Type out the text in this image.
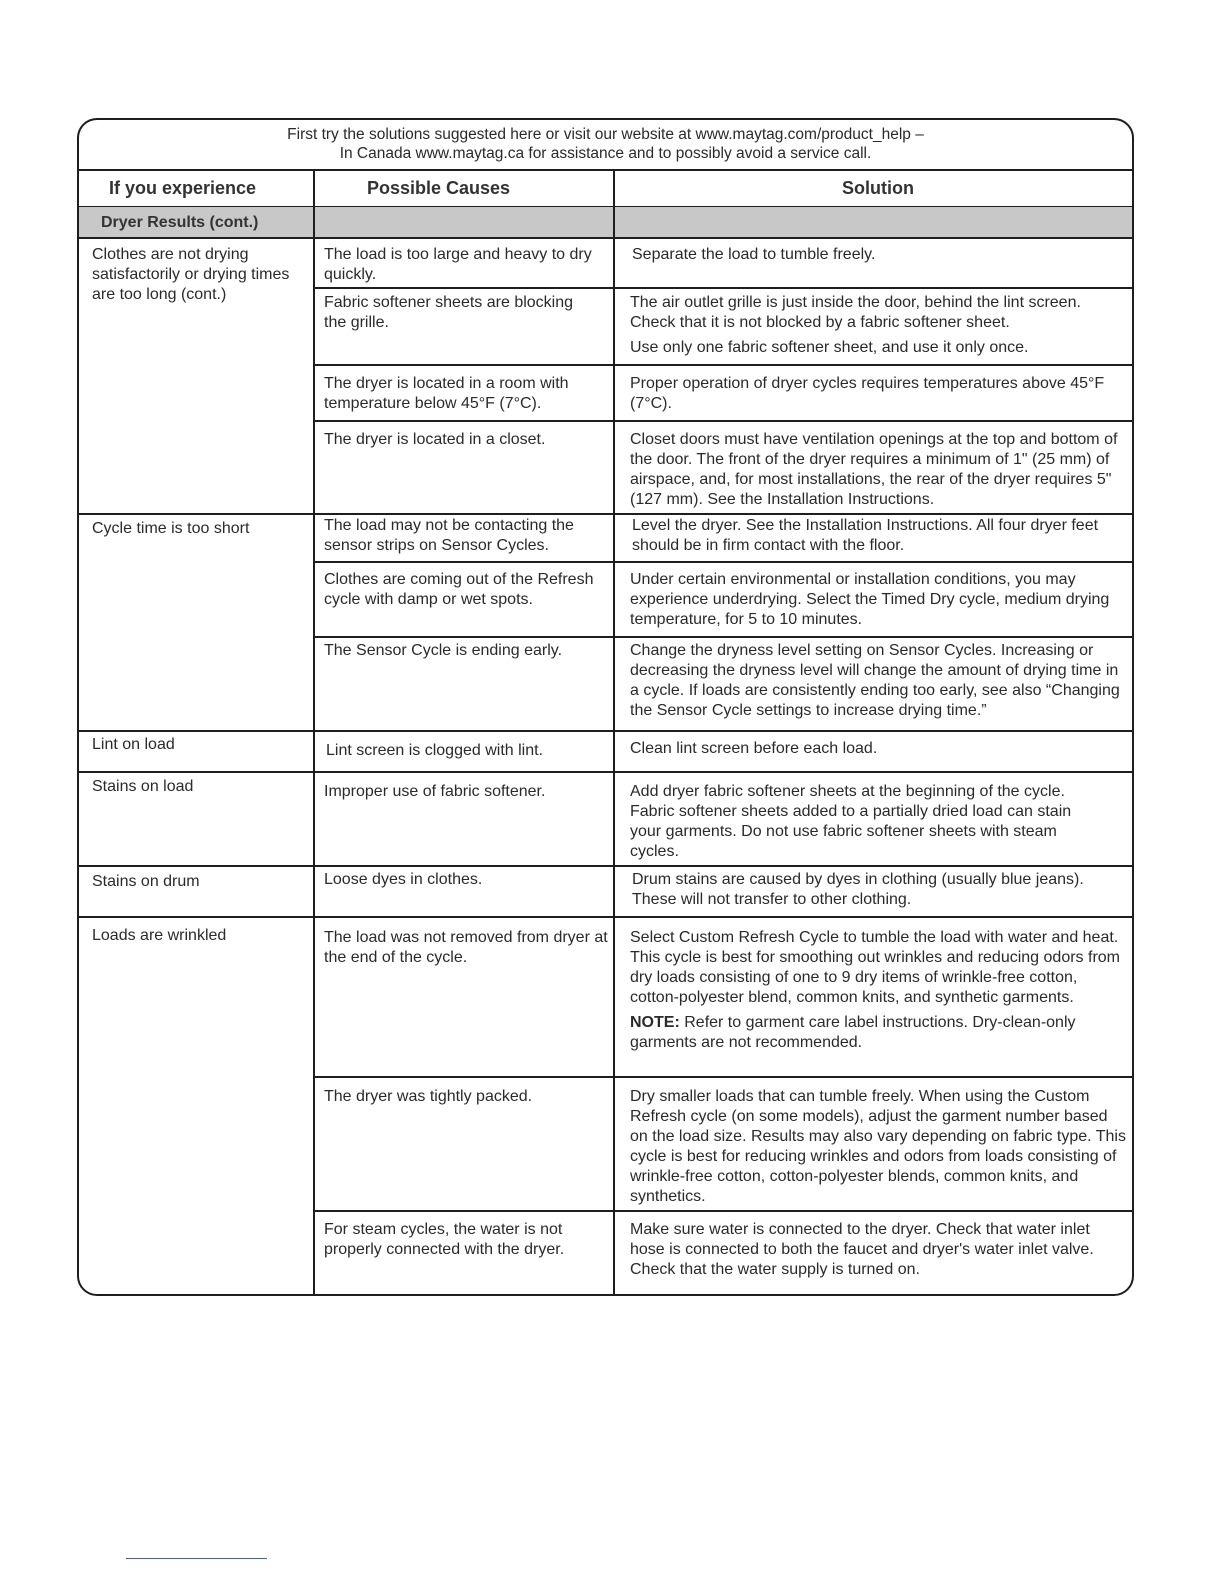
First try the solutions suggested here or visit our website at www.maytag.com/product_help –
In Canada www.maytag.ca for assistance and to possibly avoid a service call.
If you experience	Possible Causes	Solution
Dryer Results (cont.)
Clothes are not drying satisfactorily or drying times are too long (cont.)
Cycle time is too short
Lint on load
Stains on load
Stains on drum
Loads are wrinkled
The load is too large and heavy to dry quickly.
Fabric softener sheets are blocking the grille.
The dryer is located in a room with temperature below 45°F (7°C).
The dryer is located in a closet.
The load may not be contacting the sensor strips on Sensor Cycles.
Clothes are coming out of the Refresh cycle with damp or wet spots.
The Sensor Cycle is ending early.
Lint screen is clogged with lint.
Improper use of fabric softener.
Loose dyes in clothes.
The load was not removed from dryer at the end of the cycle.
The dryer was tightly packed.
For steam cycles, the water is not properly connected with the dryer.
Separate the load to tumble freely.

The air outlet grille is just inside the door, behind the lint screen. Check that it is not blocked by a fabric softener sheet.

Use only one fabric softener sheet, and use it only once.

Proper operation of dryer cycles requires temperatures above 45°F (7°C).
Closet doors must have ventilation openings at the top and bottom of the door. The front of the dryer requires a minimum of 1" (25 mm) of airspace, and, for most installations, the rear of the dryer requires 5" (127 mm). See the Installation Instructions.
Level the dryer. See the Installation Instructions. All four dryer feet should be in firm contact with the floor.
Under certain environmental or installation conditions, you may experience underdrying. Select the Timed Dry cycle, medium drying temperature, for 5 to 10 minutes.
Change the dryness level setting on Sensor Cycles. Increasing or decreasing the dryness level will change the amount of drying time in a cycle. If loads are consistently ending too early, see also “Changing the Sensor Cycle settings to increase drying time.”
Clean lint screen before each load.
Add dryer fabric softener sheets at the beginning of the cycle. Fabric softener sheets added to a partially dried load can stain your garments. Do not use fabric softener sheets with steam cycles.
Drum stains are caused by dyes in clothing (usually blue jeans). These will not transfer to other clothing.

Select Custom Refresh Cycle to tumble the load with water and heat. This cycle is best for smoothing out wrinkles and reducing odors from dry loads consisting of one to 9 dry items of wrinkle-free cotton, cotton-polyester blend, common knits, and synthetic garments.

NOTE: Refer to garment care label instructions. Dry-clean-only garments are not recommended.

Dry smaller loads that can tumble freely. When using the Custom Refresh cycle (on some models), adjust the garment number based on the load size. Results may also vary depending on fabric type. This cycle is best for reducing wrinkles and odors from loads consisting of wrinkle-free cotton, cotton-polyester blends, common knits, and synthetics.
Make sure water is connected to the dryer. Check that water inlet hose is connected to both the faucet and dryer's water inlet valve. Check that the water supply is turned on.
